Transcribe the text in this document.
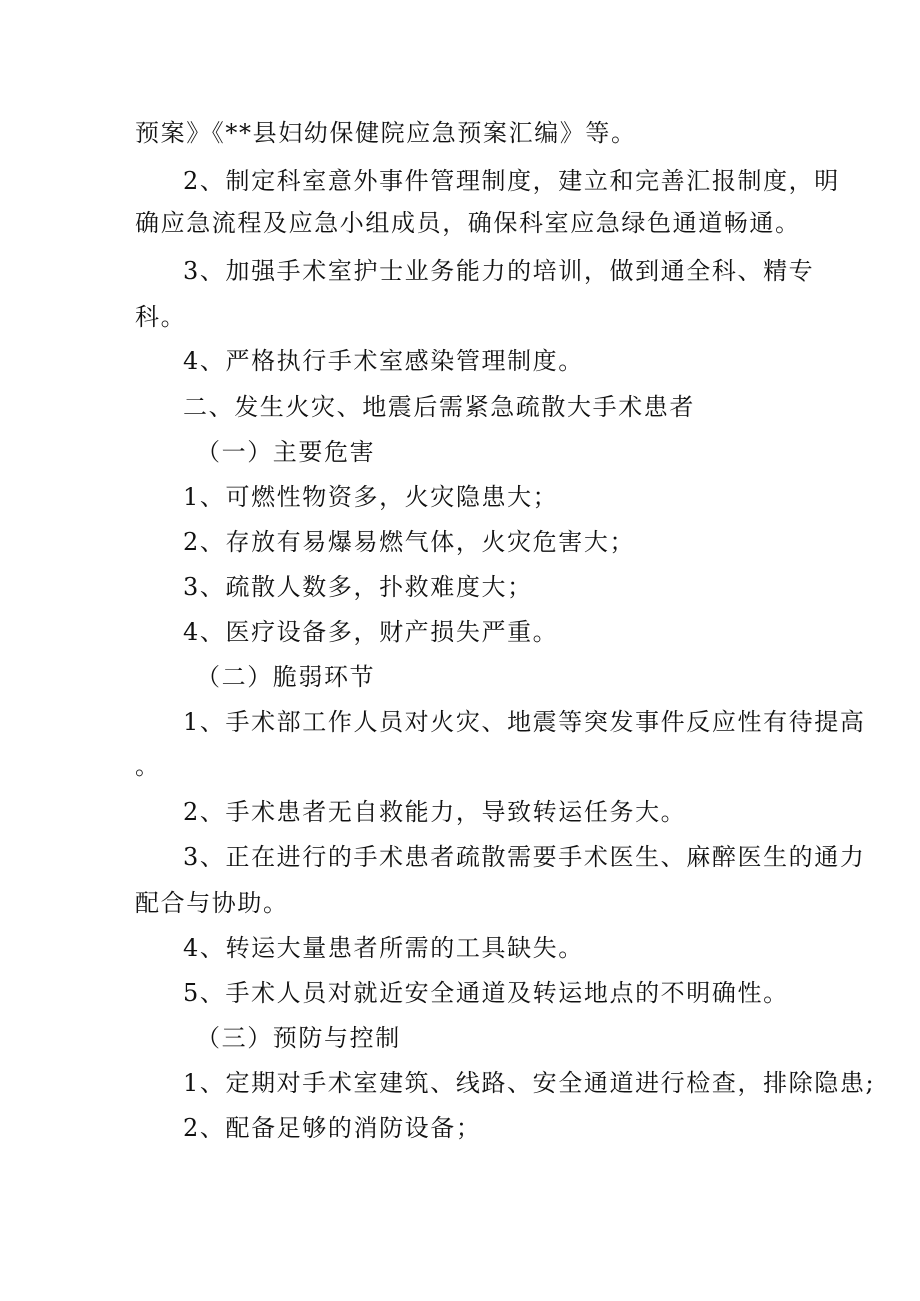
预案》《**县妇幼保健院应急预案汇编》等。
2、制定科室意外事件管理制度，建立和完善汇报制度，明
确应急流程及应急小组成员，确保科室应急绿色通道畅通。
3、加强手术室护士业务能力的培训，做到通全科、精专
科。
4、严格执行手术室感染管理制度。
二、发生火灾、地震后需紧急疏散大手术患者
（一）主要危害
1、可燃性物资多，火灾隐患大；
2、存放有易爆易燃气体，火灾危害大；
3、疏散人数多，扑救难度大；
4、医疗设备多，财产损失严重。
（二）脆弱环节
1、手术部工作人员对火灾、地震等突发事件反应性有待提高
。
2、手术患者无自救能力，导致转运任务大。
3、正在进行的手术患者疏散需要手术医生、麻醉医生的通力
配合与协助。
4、转运大量患者所需的工具缺失。
5、手术人员对就近安全通道及转运地点的不明确性。
（三）预防与控制
1、定期对手术室建筑、线路、安全通道进行检查，排除隐患;
2、配备足够的消防设备；
